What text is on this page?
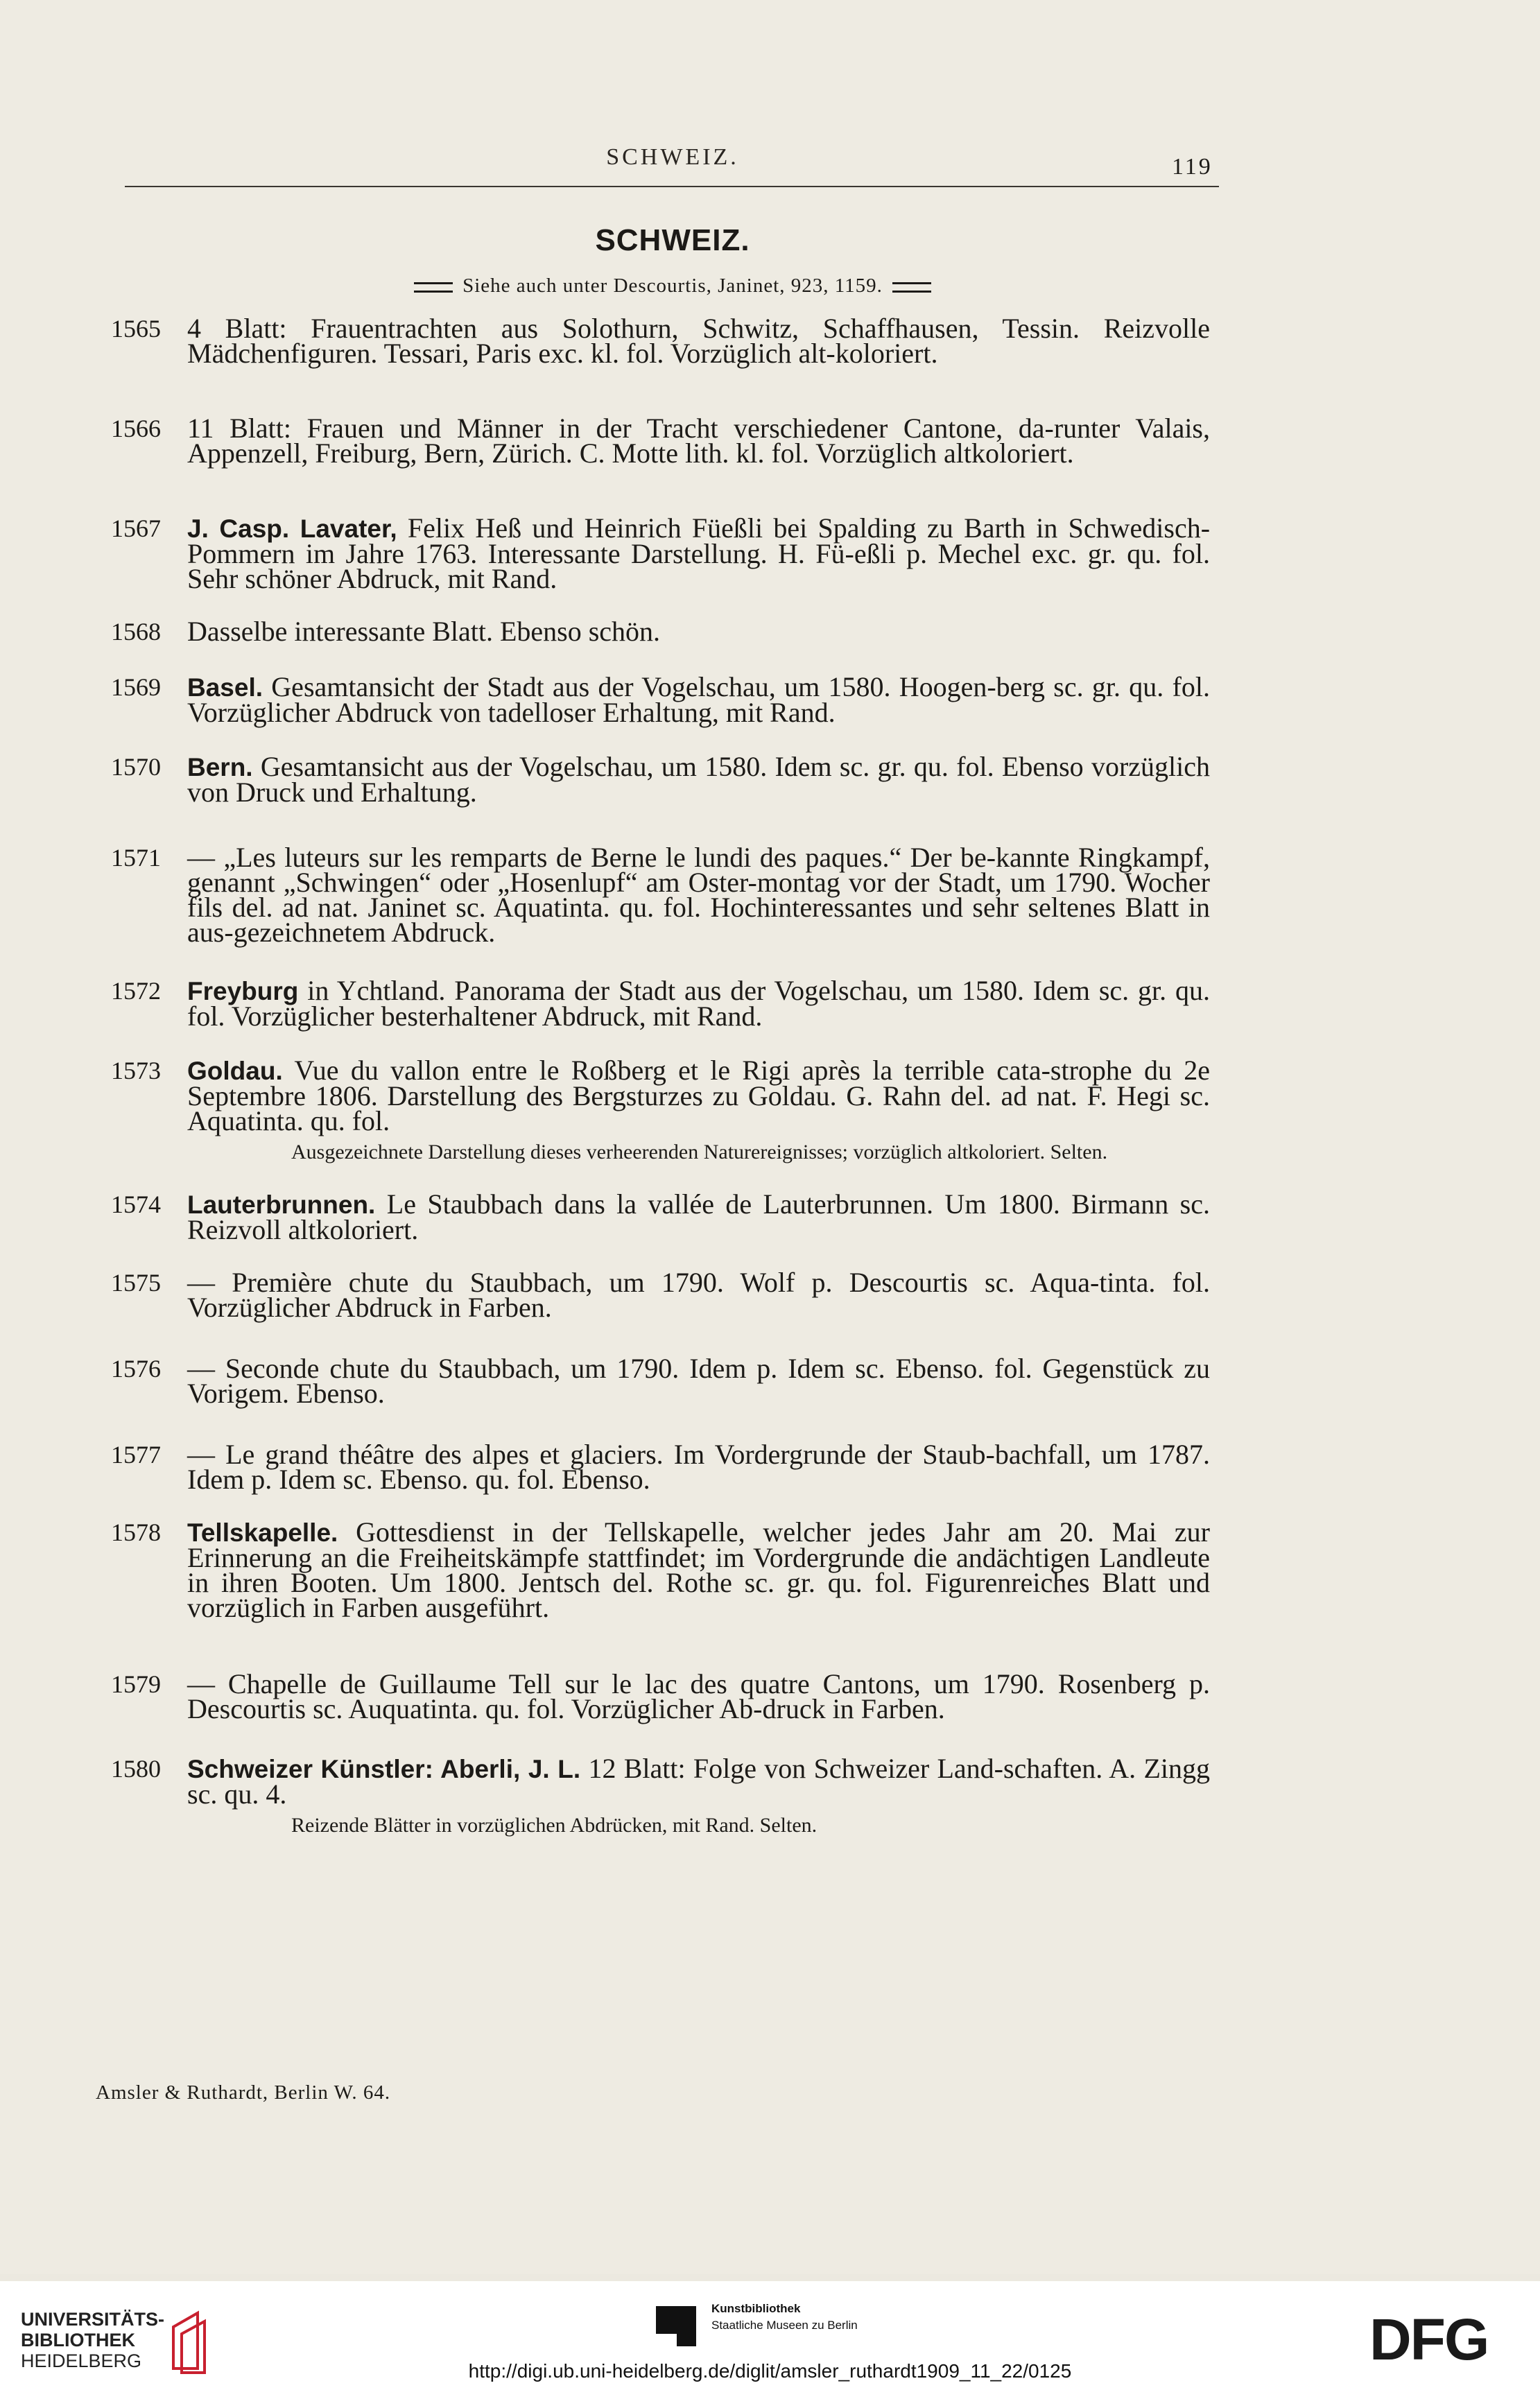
SCHWEIZ.	119
SCHWEIZ.
Siehe auch unter Descourtis, Janinet, 923, 1159.
1565 4 Blatt: Frauentrachten aus Solothurn, Schwitz, Schaffhausen, Tessin. Reizvolle Mädchenfiguren. Tessari, Paris exc. kl. fol. Vorzüglich alt-koloriert.
1566 11 Blatt: Frauen und Männer in der Tracht verschiedener Cantone, da-runter Valais, Appenzell, Freiburg, Bern, Zürich. C. Motte lith. kl. fol. Vorzüglich altkoloriert.
1567	J. Casp. Lavater, Felix Heß und Heinrich Füeßli bei Spalding zu Barth in Schwedisch-Pommern im Jahre 1763. Interessante Darstellung. H. Fü-eßli p. Mechel exc. gr. qu. fol. Sehr schöner Abdruck, mit Rand.
1568 Dasselbe interessante Blatt. Ebenso schön.
1569	Basel. Gesamtansicht der Stadt aus der Vogelschau, um 1580. Hoogen-berg sc. gr. qu. fol. Vorzüglicher Abdruck von tadelloser Erhaltung, mit Rand.
1570	Bern. Gesamtansicht aus der Vogelschau, um 1580. Idem sc. gr. qu. fol. Ebenso vorzüglich von Druck und Erhaltung.
1571 — „Les luteurs sur les remparts de Berne le lundi des paques.“ Der be-kannte Ringkampf, genannt „Schwingen“ oder „Hosenlupf“ am Oster-montag vor der Stadt, um 1790. Wocher fils del. ad nat. Janinet sc. Aquatinta. qu. fol. Hochinteressantes und sehr seltenes Blatt in aus-gezeichnetem Abdruck.
1572	Freyburg in Ychtland. Panorama der Stadt aus der Vogelschau, um 1580. Idem sc. gr. qu. fol. Vorzüglicher besterhaltener Abdruck, mit Rand.
1573	Goldau. Vue du vallon entre le Roßberg et le Rigi après la terrible cata-strophe du 2e Septembre 1806. Darstellung des Bergsturzes zu Goldau. G. Rahn del. ad nat. F. Hegi sc. Aquatinta. qu. fol.
Ausgezeichnete Darstellung dieses verheerenden Naturereignisses; vorzüglich altkoloriert. Selten.
1574	Lauterbrunnen. Le Staubbach dans la vallée de Lauterbrunnen. Um 1800. Birmann sc. Reizvoll altkoloriert.
1575 — Première chute du Staubbach, um 1790. Wolf p. Descourtis sc. Aqua-tinta. fol. Vorzüglicher Abdruck in Farben.
1576 — Seconde chute du Staubbach, um 1790. Idem p. Idem sc. Ebenso. fol. Gegenstück zu Vorigem. Ebenso.
1577 — Le grand théâtre des alpes et glaciers. Im Vordergrunde der Staub-bachfall, um 1787. Idem p. Idem sc. Ebenso. qu. fol. Ebenso.
1578	Tellskapelle. Gottesdienst in der Tellskapelle, welcher jedes Jahr am 20. Mai zur Erinnerung an die Freiheitskämpfe stattfindet; im Vordergrunde die andächtigen Landleute in ihren Booten. Um 1800. Jentsch del. Rothe sc. gr. qu. fol. Figurenreiches Blatt und vorzüglich in Farben ausgeführt.
1579 — Chapelle de Guillaume Tell sur le lac des quatre Cantons, um 1790. Rosenberg p. Descourtis sc. Auquatinta. qu. fol. Vorzüglicher Ab-druck in Farben.
1580	Schweizer Künstler: Aberli, J. L. 12 Blatt: Folge von Schweizer Land-schaften. A. Zingg sc. qu. 4.
Reizende Blätter in vorzüglichen Abdrücken, mit Rand. Selten.
Amsler & Ruthardt, Berlin W. 64.
UNIVERSITÄTS-
BIBLIOTHEK
HEIDELBERG
Kunstbibliothek
Staatliche Museen zu Berlin	DFG
http://digi.ub.uni-heidelberg.de/diglit/amsler_ruthardt1909_11_22/0125
